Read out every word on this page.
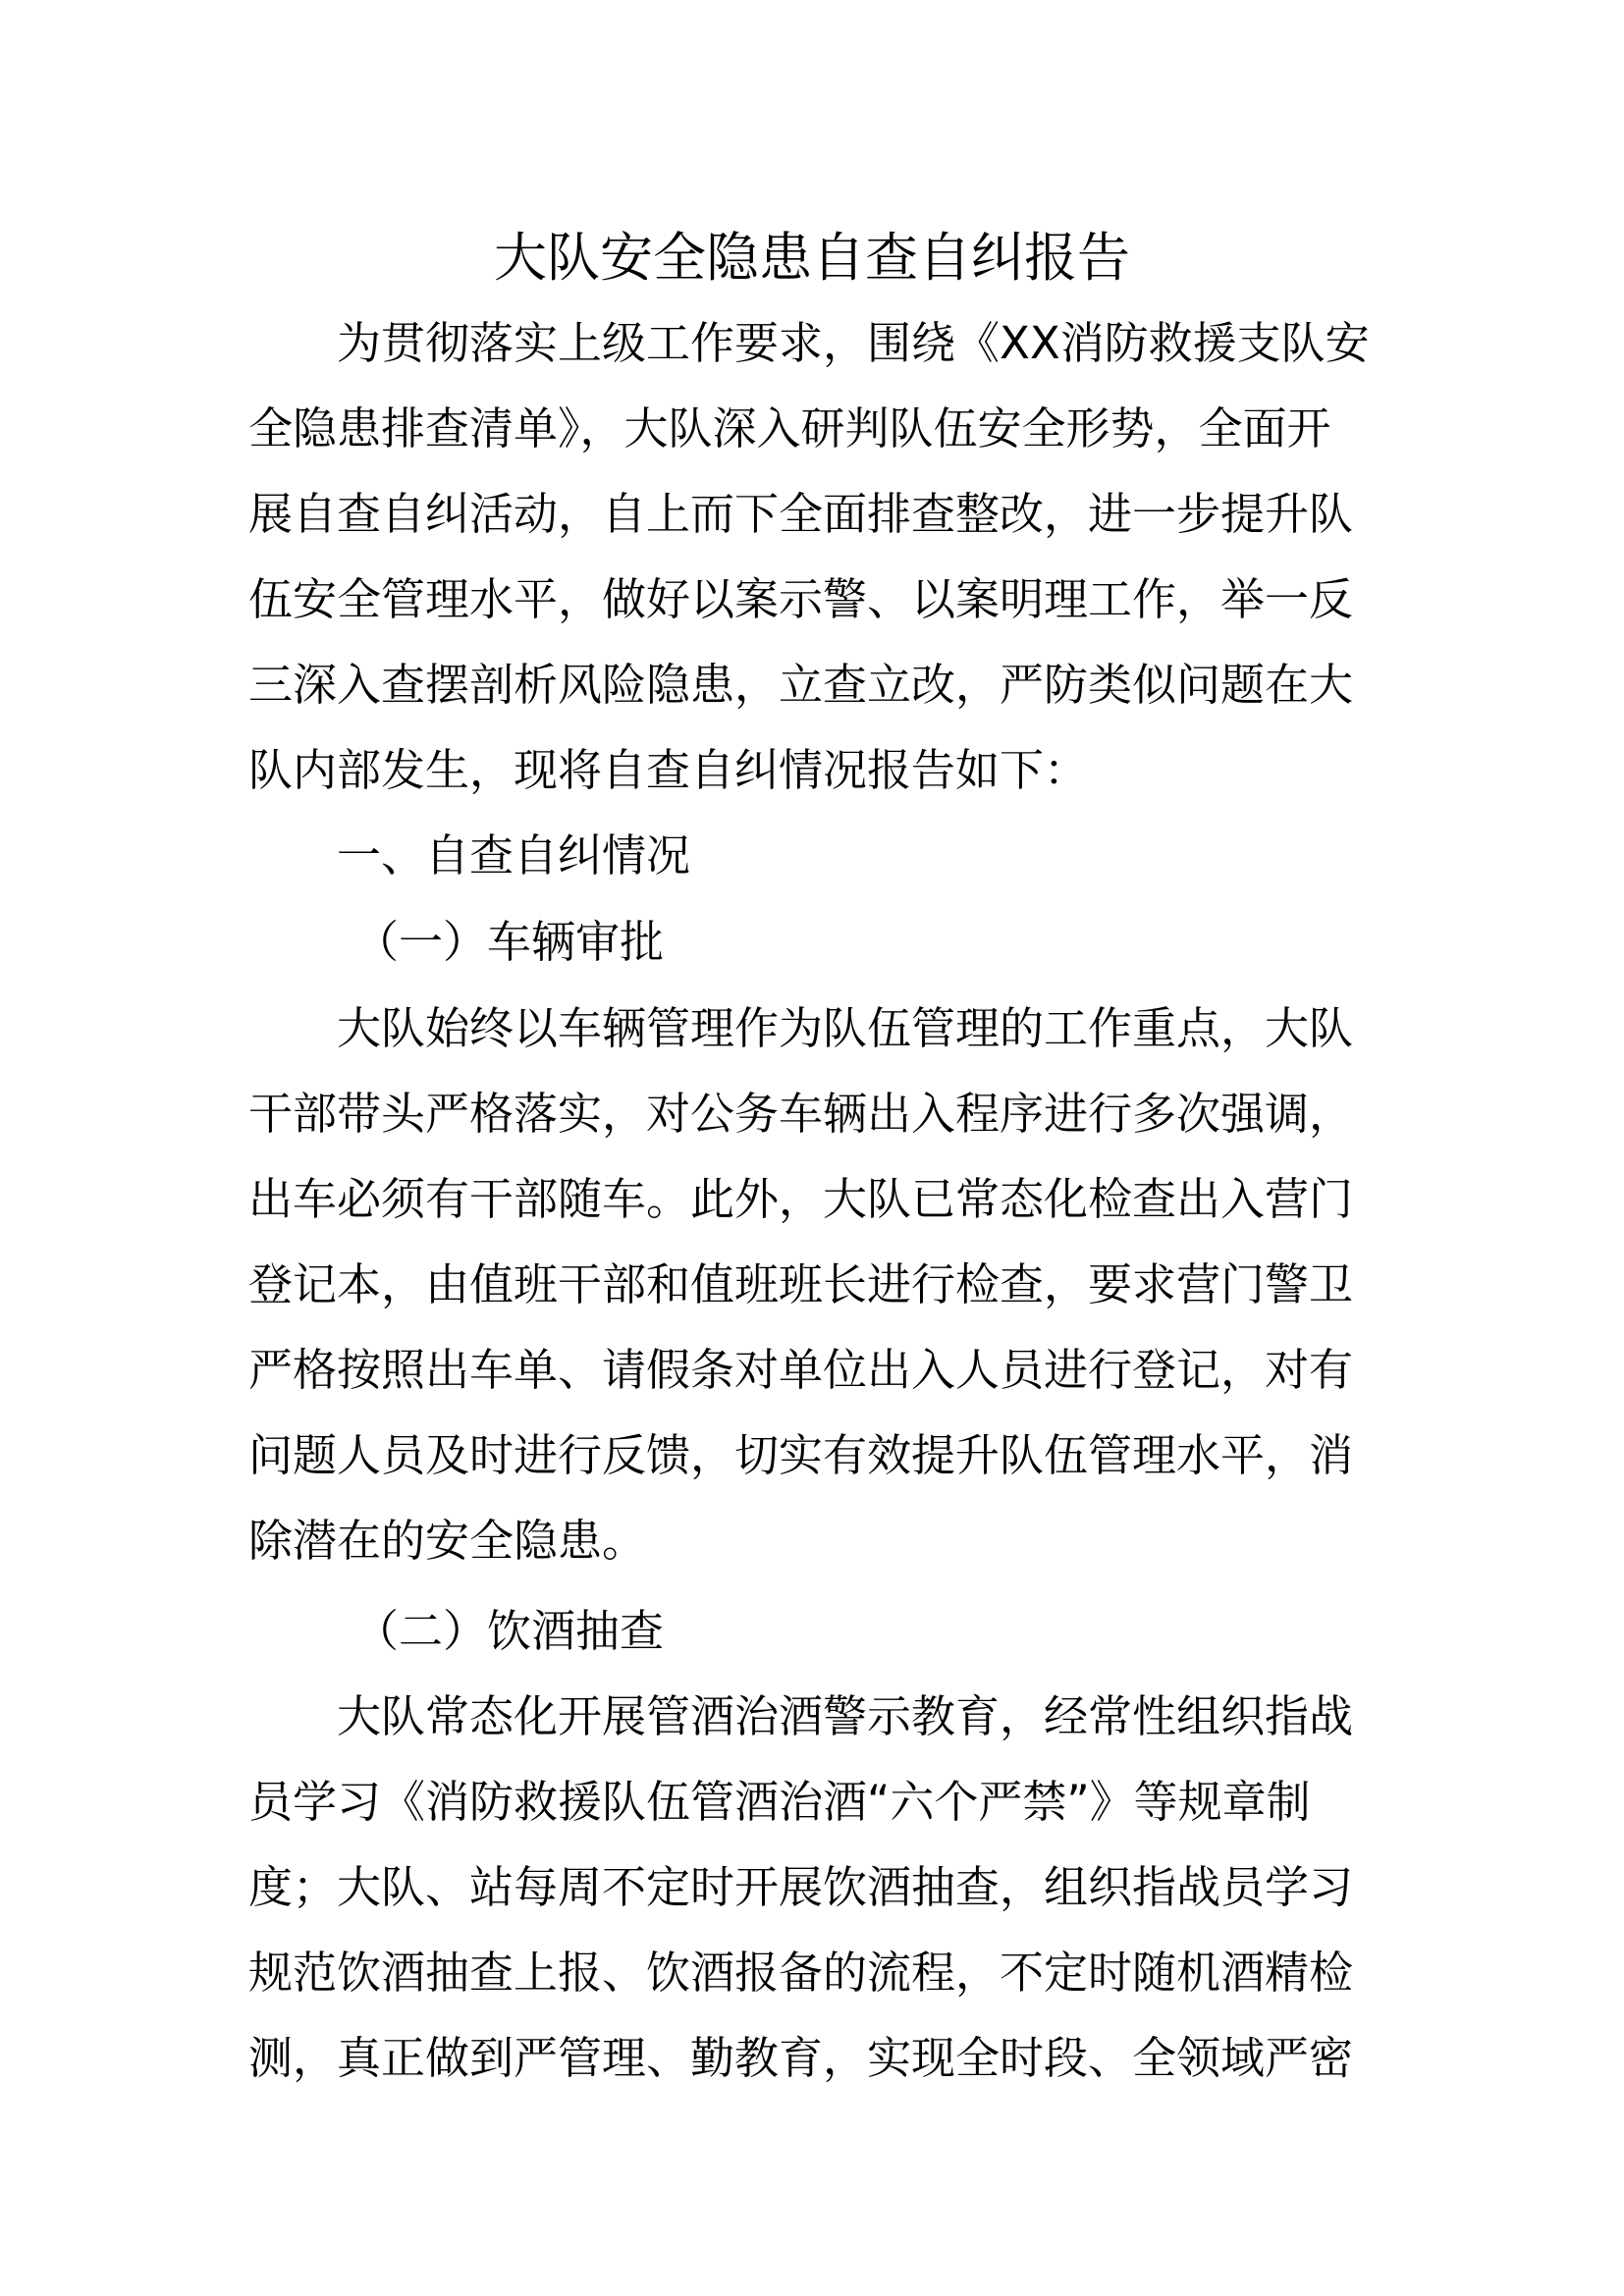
大队安全隐患自查自纠报告
为贯彻落实上级工作要求，围绕《XX消防救援支队安
全隐患排查清单》，大队深入研判队伍安全形势，全面开
展自查自纠活动，自上而下全面排查整改，进一步提升队
伍安全管理水平，做好以案示警、以案明理工作，举一反
三深入查摆剖析风险隐患，立查立改，严防类似问题在大
队内部发生，现将自查自纠情况报告如下：
一、自查自纠情况
（一）车辆审批
大队始终以车辆管理作为队伍管理的工作重点，大队
干部带头严格落实，对公务车辆出入程序进行多次强调，
出车必须有干部随车。此外，大队已常态化检查出入营门
登记本，由值班干部和值班班长进行检查，要求营门警卫
严格按照出车单、请假条对单位出入人员进行登记，对有
问题人员及时进行反馈，切实有效提升队伍管理水平，消
除潜在的安全隐患。
（二）饮酒抽查
大队常态化开展管酒治酒警示教育，经常性组织指战
员学习《消防救援队伍管酒治酒“六个严禁”》等规章制
度；大队、站每周不定时开展饮酒抽查，组织指战员学习
规范饮酒抽查上报、饮酒报备的流程，不定时随机酒精检
测，真正做到严管理、勤教育，实现全时段、全领域严密
